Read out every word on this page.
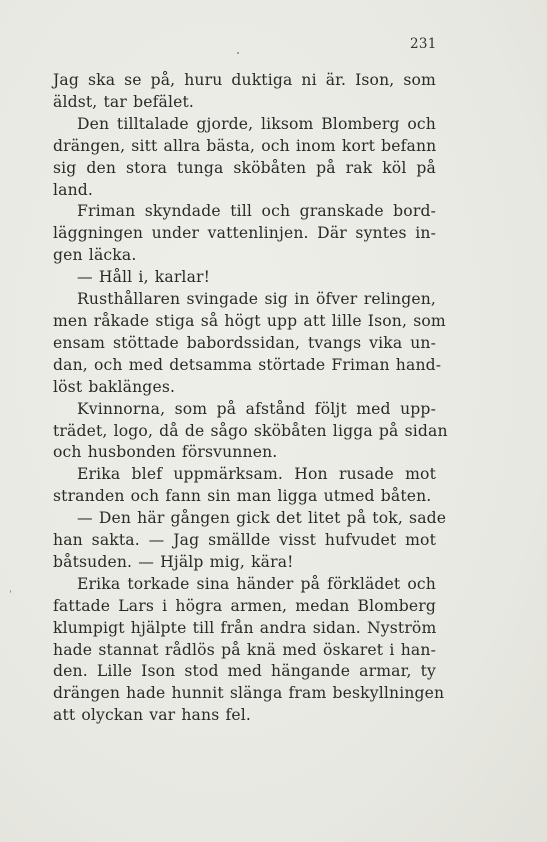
231
Jag ska se på, huru duktiga ni är. Ison, som
äldst, tar befälet.
Den tilltalade gjorde, liksom Blomberg och
drängen, sitt allra bästa, och inom kort befann
sig den stora tunga sköbåten på rak köl på
land.
Friman skyndade till och granskade bord-
läggningen under vattenlinjen. Där syntes in-
gen läcka.
— Håll i, karlar!
Rusthållaren svingade sig in öfver relingen,
men råkade stiga så högt upp att lille Ison, som
ensam stöttade babordssidan, tvangs vika un-
dan, och med detsamma störtade Friman hand-
löst baklänges.
Kvinnorna, som på afstånd följt med upp-
trädet, logo, då de sågo sköbåten ligga på sidan
och husbonden försvunnen.
Erika blef uppmärksam. Hon rusade mot
stranden och fann sin man ligga utmed båten.
— Den här gången gick det litet på tok, sade
han sakta. — Jag smällde visst hufvudet mot
båtsuden. — Hjälp mig, kära!
Erika torkade sina händer på förklädet och
fattade Lars i högra armen, medan Blomberg
klumpigt hjälpte till från andra sidan. Nyström
hade stannat rådlös på knä med öskaret i han-
den. Lille Ison stod med hängande armar, ty
drängen hade hunnit slänga fram beskyllningen
att olyckan var hans fel.
